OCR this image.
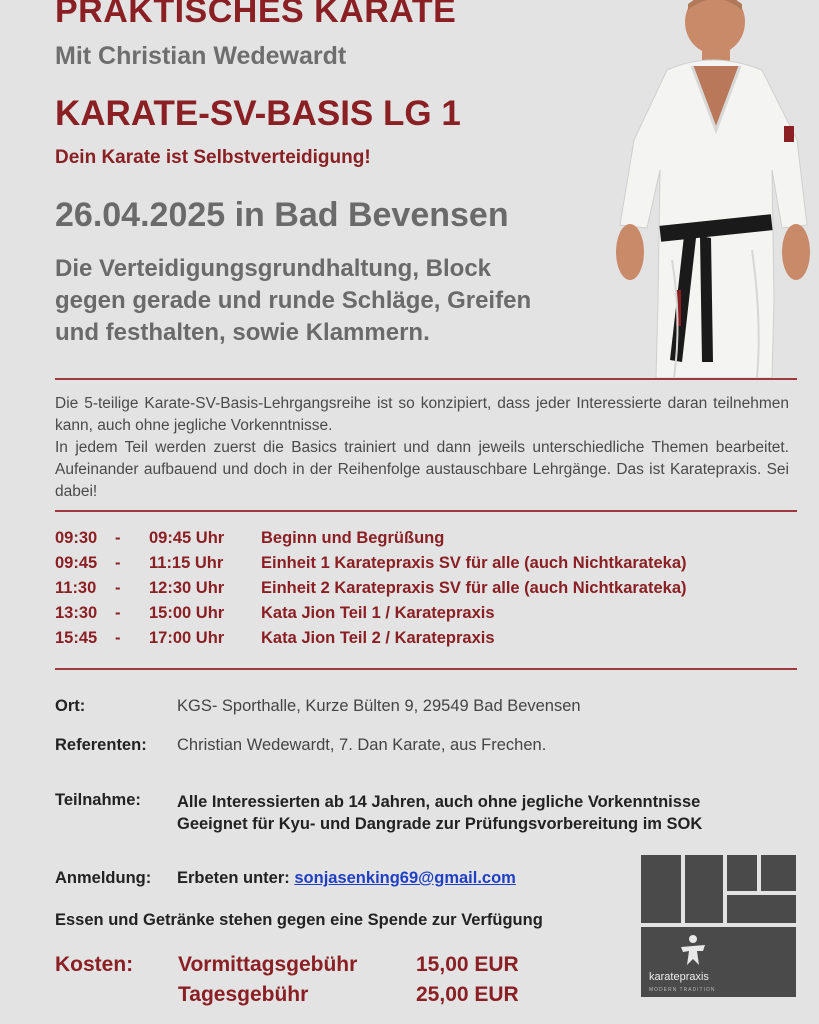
PRAKTISCHES KARATE
Mit Christian Wedewardt
KARATE-SV-BASIS LG 1
Dein Karate ist Selbstverteidigung!
26.04.2025 in Bad Bevensen
Die Verteidigungsgrundhaltung, Block
gegen gerade und runde Schläge, Greifen
und festhalten, sowie Klammern.

Die 5-teilige Karate-SV-Basis-Lehrgangsreihe ist so konzipiert, dass jeder Interessierte daran teilnehmen kann, auch ohne jegliche Vorkenntnisse.

In jedem Teil werden zuerst die Basics trainiert und dann jeweils unterschiedliche Themen bearbeitet. Aufeinander aufbauend und doch in der Reihenfolge austauschbare Lehrgänge. Das ist Karatepraxis. Sei dabei!

09:30	-	09:45 Uhr	Beginn und Begrüßung
09:45	-	11:15 Uhr	Einheit 1 Karatepraxis SV für alle (auch Nichtkarateka)
11:30	-	12:30 Uhr	Einheit 2 Karatepraxis SV für alle (auch Nichtkarateka)
13:30	-	15:00 Uhr	Kata Jion Teil 1 / Karatepraxis
15:45	-	17:00 Uhr	Kata Jion Teil 2 / Karatepraxis
Ort:	KGS- Sporthalle, Kurze Bülten 9, 29549 Bad Bevensen
Referenten: Christian Wedewardt, 7. Dan Karate, aus Frechen.
Teilnahme: Alle Interessierten ab 14 Jahren, auch ohne jegliche Vorkenntnisse
Geeignet für Kyu- und Dangrade zur Prüfungsvorbereitung im SOK
Anmeldung: Erbeten unter: sonjasenking69@gmail.com
Essen und Getränke stehen gegen eine Spende zur Verfügung
Kosten:	Vormittagsgebühr	15,00 EUR
Tagesgebühr	25,00 EUR
karatepraxis
MODERN TRADITION
